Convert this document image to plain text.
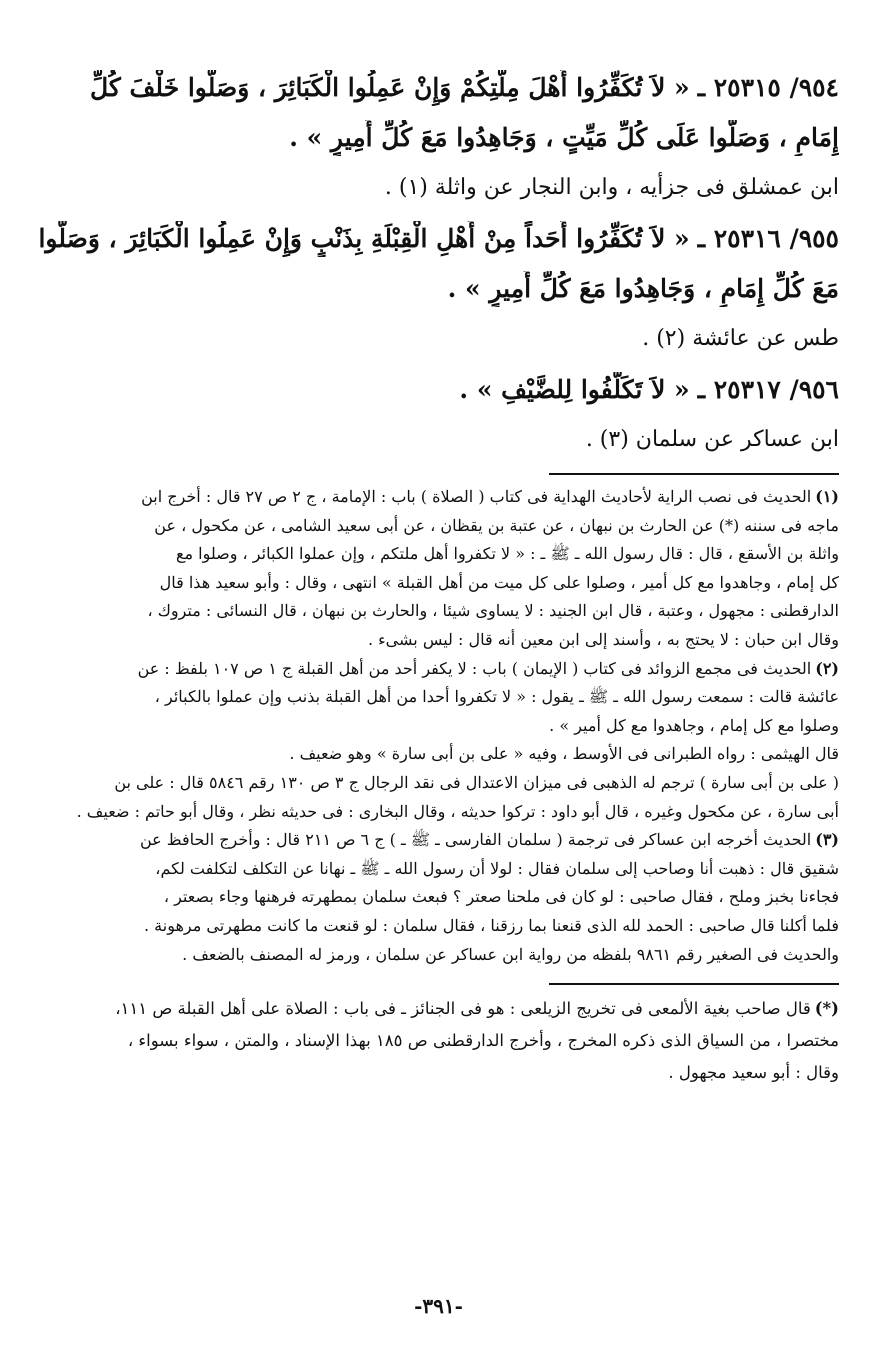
٩٥٤/ ٢٥٣١٥ ـ« لاَ تُكَفِّرُوا أَهْلَ مِلَّتِكُمْ وَإِنْ عَمِلُوا الْكَبَائِرَ ، وَصَلُّوا خَلْفَ كُلِّ
إِمَامٍ ، وَصَلُّوا عَلَى كُلِّ مَيِّتٍ ، وَجَاهِدُوا مَعَ كُلِّ أَمِيرٍ » .
ابن عمشلق فى جزأيه ، وابن النجار عن واثلة (١) .
٩٥٥/ ٢٥٣١٦ ـ« لاَ تُكَفِّرُوا أَحَداً مِنْ أَهْلِ الْقِبْلَةِ بِذَنْبٍ وَإِنْ عَمِلُوا الْكَبَائِرَ ، وَصَلُّوا
مَعَ كُلِّ إِمَامٍ ، وَجَاهِدُوا مَعَ كُلِّ أَمِيرٍ » .
طس عن عائشة (٢) .
٩٥٦/ ٢٥٣١٧ ـ« لاَ تَكَلَّفُوا لِلضَّيْفِ » .
ابن عساكر عن سلمان (٣) .
(١)الحديث فى نصب الراية لأحاديث الهداية فى كتاب ( الصلاة ) باب : الإمامة ، ج ٢ ص ٢٧ قال : أخرج ابن
ماجه فى سننه (*) عن الحارث بن نبهان ، عن عتبة بن يقظان ، عن أبى سعيد الشامى ، عن مكحول ، عن
واثلة بن الأسقع ، قال : قال رسول الله ـ ﷺ ـ : « لا تكفروا أهل ملتكم ، وإن عملوا الكبائر ، وصلوا مع
كل إمام ، وجاهدوا مع كل أمير ، وصلوا على كل ميت من أهل القبلة » انتهى ، وقال : وأبو سعيد هذا قال
الدارقطنى : مجهول ، وعتبة ، قال ابن الجنيد : لا يساوى شيئا ، والحارث بن نبهان ، قال النسائى : متروك ،
وقال ابن حبان : لا يحتج به ، وأسند إلى ابن معين أنه قال : ليس بشىء .
(٢)الحديث فى مجمع الزوائد فى كتاب ( الإيمان ) باب : لا يكفر أحد من أهل القبلة ج ١ ص ١٠٧ بلفظ : عن
عائشة قالت : سمعت رسول الله ـ ﷺ ـ يقول : « لا تكفروا أحدا من أهل القبلة بذنب وإن عملوا بالكبائر ،
وصلوا مع كل إمام ، وجاهدوا مع كل أمير » .
قال الهيثمى : رواه الطبرانى فى الأوسط ، وفيه « على بن أبى سارة » وهو ضعيف .
( على بن أبى سارة ) ترجم له الذهبى فى ميزان الاعتدال فى نقد الرجال ج ٣ ص ١٣٠ رقم ٥٨٤٦ قال : على بن
أبى سارة ، عن مكحول وغيره ، قال أبو داود : تركوا حديثه ، وقال البخارى : فى حديثه نظر ، وقال أبو حاتم : ضعيف .
(٣)الحديث أخرجه ابن عساكر فى ترجمة ( سلمان الفارسى ـ ﷺ ـ ) ج ٦ ص ٢١١ قال : وأخرج الحافظ عن
شقيق قال : ذهبت أنا وصاحب إلى سلمان فقال : لولا أن رسول الله ـ ﷺ ـ نهانا عن التكلف لتكلفت لكم،
فجاءنا بخبز وملح ، فقال صاحبى : لو كان فى ملحنا صعتر ؟ فبعث سلمان بمطهرته فرهنها وجاء بصعتر ،
فلما أكلنا قال صاحبى : الحمد لله الذى قنعنا بما رزقنا ، فقال سلمان : لو قنعت ما كانت مطهرتى مرهونة .
والحديث فى الصغير رقم ٩٨٦١ بلفظه من رواية ابن عساكر عن سلمان ، ورمز له المصنف بالضعف .
(*)قال صاحب بغية الألمعى فى تخريج الزيلعى : هو فى الجنائز ـ فى باب : الصلاة على أهل القبلة ص ١١١،
مختصرا ، من السياق الذى ذكره المخرج ، وأخرج الدارقطنى ص ١٨٥ بهذا الإسناد ، والمتن ، سواء بسواء ،
وقال : أبو سعيد مجهول .
-٣٩١-
